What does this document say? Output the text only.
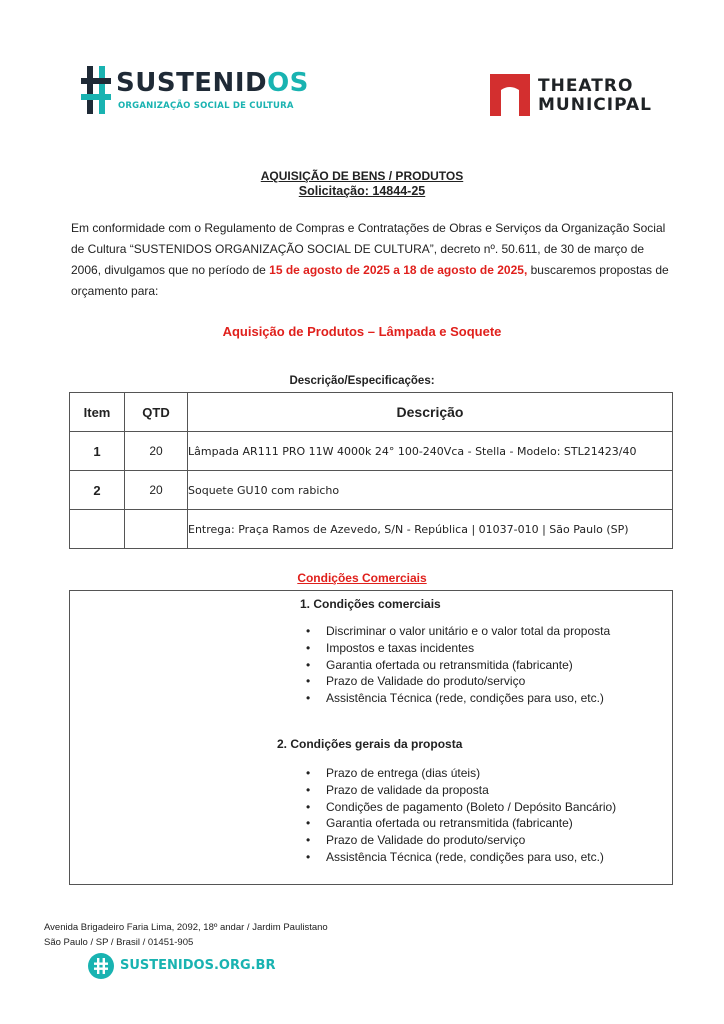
SUSTENIDOS
ORGANIZAÇÃO SOCIAL DE CULTURA
THEATRO
MUNICIPAL
AQUISIÇÃO DE BENS / PRODUTOS
Solicitação: 14844-25
Em conformidade com o Regulamento de Compras e Contratações de Obras e Serviços da Organização Social de Cultura “SUSTENIDOS ORGANIZAÇÃO SOCIAL DE CULTURA”, decreto nº. 50.611, de 30 de março de 2006, divulgamos que no período de 15 de agosto de 2025 a 18 de agosto de 2025, buscaremos propostas de orçamento para:
Aquisição de Produtos – Lâmpada e Soquete
Descrição/Especificações:
Item	QTD	Descrição
1	20	Lâmpada AR111 PRO 11W 4000k 24° 100-240Vca - Stella - Modelo: STL21423/40
2	20	Soquete GU10 com rabicho
		Entrega: Praça Ramos de Azevedo, S/N - República | 01037-010 | São Paulo (SP)
Condições Comerciais
1. Condições comerciais
• Discriminar o valor unitário e o valor total da proposta
• Impostos e taxas incidentes
• Garantia ofertada ou retransmitida (fabricante)
• Prazo de Validade do produto/serviço
• Assistência Técnica (rede, condições para uso, etc.)
2. Condições gerais da proposta
• Prazo de entrega (dias úteis)
• Prazo de validade da proposta
• Condições de pagamento (Boleto / Depósito Bancário)
• Garantia ofertada ou retransmitida (fabricante)
• Prazo de Validade do produto/serviço
• Assistência Técnica (rede, condições para uso, etc.)
Avenida Brigadeiro Faria Lima, 2092, 18º andar / Jardim Paulistano
São Paulo / SP / Brasil / 01451-905
SUSTENIDOS.ORG.BR
